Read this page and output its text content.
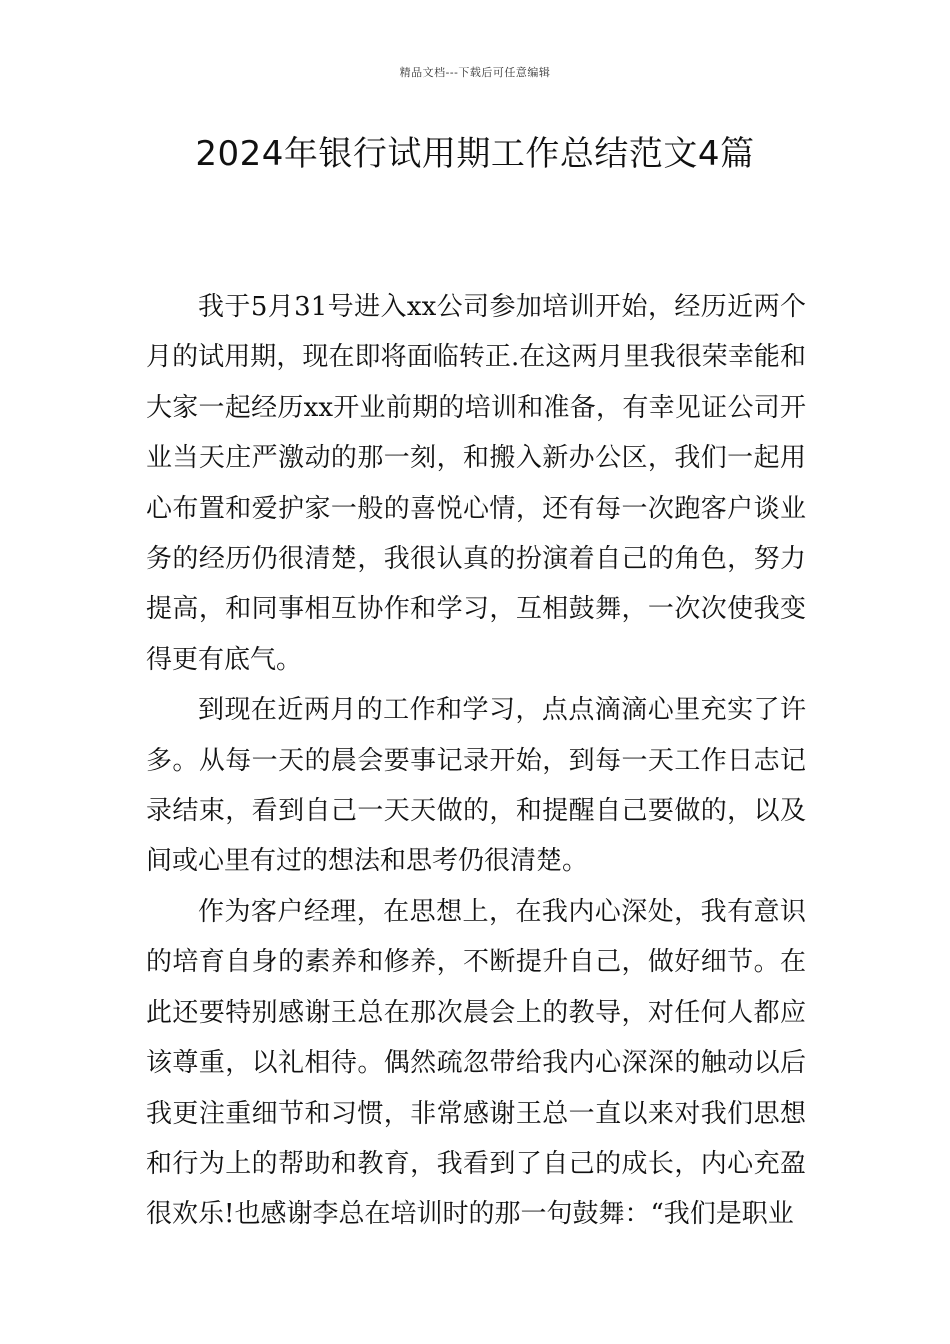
精品文档---下载后可任意编辑
2024年银行试用期工作总结范文4篇

我于5月31号进入xx公司参加培训开始，经历近两个月的试用期，现在即将面临转正.在这两月里我很荣幸能和大家一起经历xx开业前期的培训和准备，有幸见证公司开业当天庄严激动的那一刻，和搬入新办公区，我们一起用心布置和爱护家一般的喜悦心情，还有每一次跑客户谈业务的经历仍很清楚，我很认真的扮演着自己的角色，努力提高，和同事相互协作和学习，互相鼓舞，一次次使我变得更有底气。

到现在近两月的工作和学习，点点滴滴心里充实了许多。从每一天的晨会要事记录开始，到每一天工作日志记录结束，看到自己一天天做的，和提醒自己要做的，以及间或心里有过的想法和思考仍很清楚。

作为客户经理，在思想上，在我内心深处，我有意识的培育自身的素养和修养，不断提升自己，做好细节。在此还要特别感谢王总在那次晨会上的教导，对任何人都应该尊重，以礼相待。偶然疏忽带给我内心深深的触动以后我更注重细节和习惯，非常感谢王总一直以来对我们思想和行为上的帮助和教育，我看到了自己的成长，内心充盈很欢乐!也感谢李总在培训时的那一句鼓舞：“我们是职业
